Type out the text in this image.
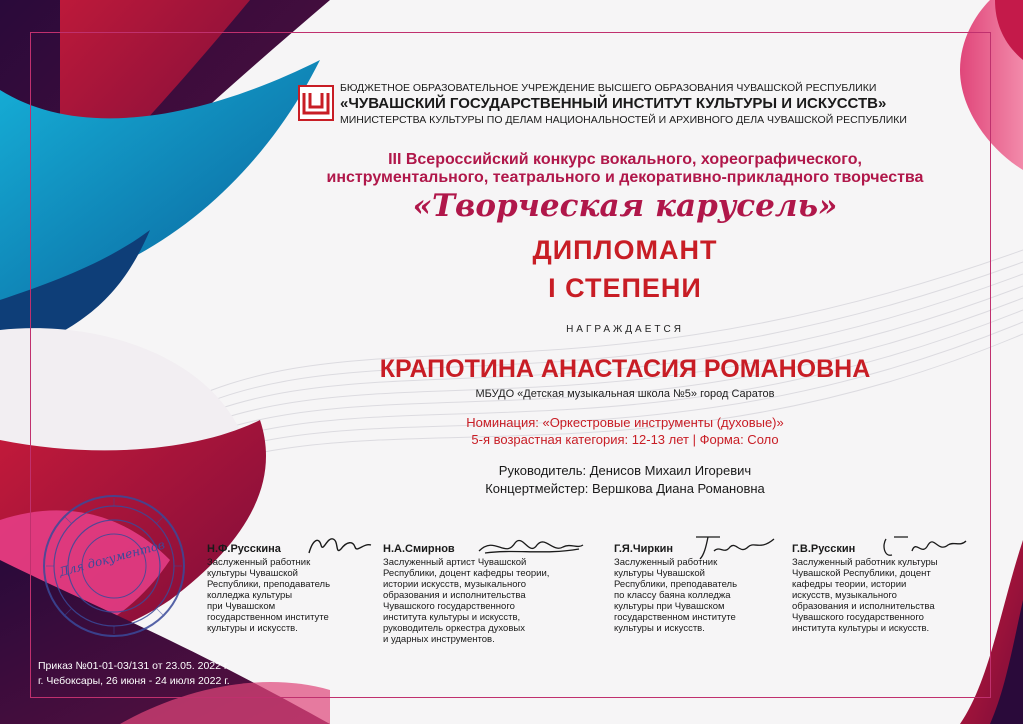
БЮДЖЕТНОЕ ОБРАЗОВАТЕЛЬНОЕ УЧРЕЖДЕНИЕ ВЫСШЕГО ОБРАЗОВАНИЯ ЧУВАШСКОЙ РЕСПУБЛИКИ
«ЧУВАШСКИЙ ГОСУДАРСТВЕННЫЙ ИНСТИТУТ КУЛЬТУРЫ И ИСКУССТВ»
МИНИСТЕРСТВА КУЛЬТУРЫ ПО ДЕЛАМ НАЦИОНАЛЬНОСТЕЙ И АРХИВНОГО ДЕЛА ЧУВАШСКОЙ РЕСПУБЛИКИ
III Всероссийский конкурс вокального, хореографического,
инструментального, театрального и декоративно-прикладного творчества
«Творческая карусель»
ДИПЛОМАНТ
I СТЕПЕНИ
НАГРАЖДАЕТСЯ
КРАПОТИНА АНАСТАСИЯ РОМАНОВНА
МБУДО «Детская музыкальная школа №5» город Саратов
Номинация: «Оркестровые инструменты (духовые)»
5-я возрастная категория: 12-13 лет | Форма: Соло
Руководитель: Денисов Михаил Игоревич
Концертмейстер: Вершкова Диана Романовна
Для документов	Н.Ф.Русскина
Заслуженный работник
культуры Чувашской
Республики, преподаватель
колледжа культуры
при Чувашском
государственном институте
культуры и искусств.
Н.А.Смирнов
Заслуженный артист Чувашской
Республики, доцент кафедры теории,
истории искусств, музыкального
образования и исполнительства
Чувашского государственного
института культуры и искусств,
руководитель оркестра духовых
и ударных инструментов.
Г.Я.Чиркин
Заслуженный работник
культуры Чувашской
Республики, преподаватель
по классу баяна колледжа
культуры при Чувашском
государственном институте
культуры и искусств.
Г.В.Русскин
Заслуженный работник культуры
Чувашской Республики, доцент
кафедры теории, истории
искусств, музыкального
образования и исполнительства
Чувашского государственного
института культуры и искусств.
Приказ №01-01-03/131 от 23.05. 2022 г.
г. Чебоксары, 26 июня - 24 июля 2022 г.
